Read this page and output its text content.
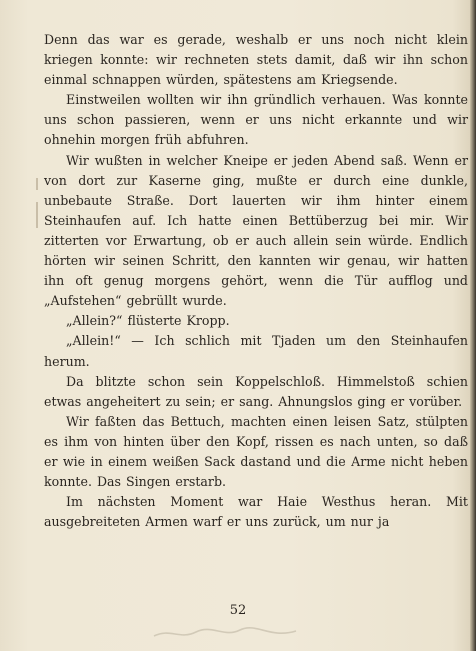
Denn das war es gerade, weshalb er uns noch nicht klein kriegen konnte: wir rechneten stets damit, daß wir ihn schon einmal schnappen würden, spätestens am Kriegsende.

Einstweilen wollten wir ihn gründlich verhauen. Was konnte uns schon passieren, wenn er uns nicht erkannte und wir ohnehin morgen früh abfuhren.

Wir wußten in welcher Kneipe er jeden Abend saß. Wenn er von dort zur Kaserne ging, mußte er durch eine dunkle, unbebaute Straße. Dort lauerten wir ihm hinter einem Steinhaufen auf. Ich hatte einen Bettüberzug bei mir. Wir zitterten vor Erwartung, ob er auch allein sein würde. Endlich hörten wir seinen Schritt, den kannten wir genau, wir hatten ihn oft genug morgens gehört, wenn die Tür aufflog und „Aufstehen“ gebrüllt wurde.

„Allein?“ flüsterte Kropp.

„Allein!“ — Ich schlich mit Tjaden um den Steinhaufen herum.

Da blitzte schon sein Koppelschloß. Himmelstoß schien etwas angeheitert zu sein; er sang. Ahnungslos ging er vorüber.

Wir faßten das Bettuch, machten einen leisen Satz, stülpten es ihm von hinten über den Kopf, rissen es nach unten, so daß er wie in einem weißen Sack dastand und die Arme nicht heben konnte. Das Singen erstarb.

Im nächsten Moment war Haie Westhus heran. Mit ausgebreiteten Armen warf er uns zurück, um nur ja

52
